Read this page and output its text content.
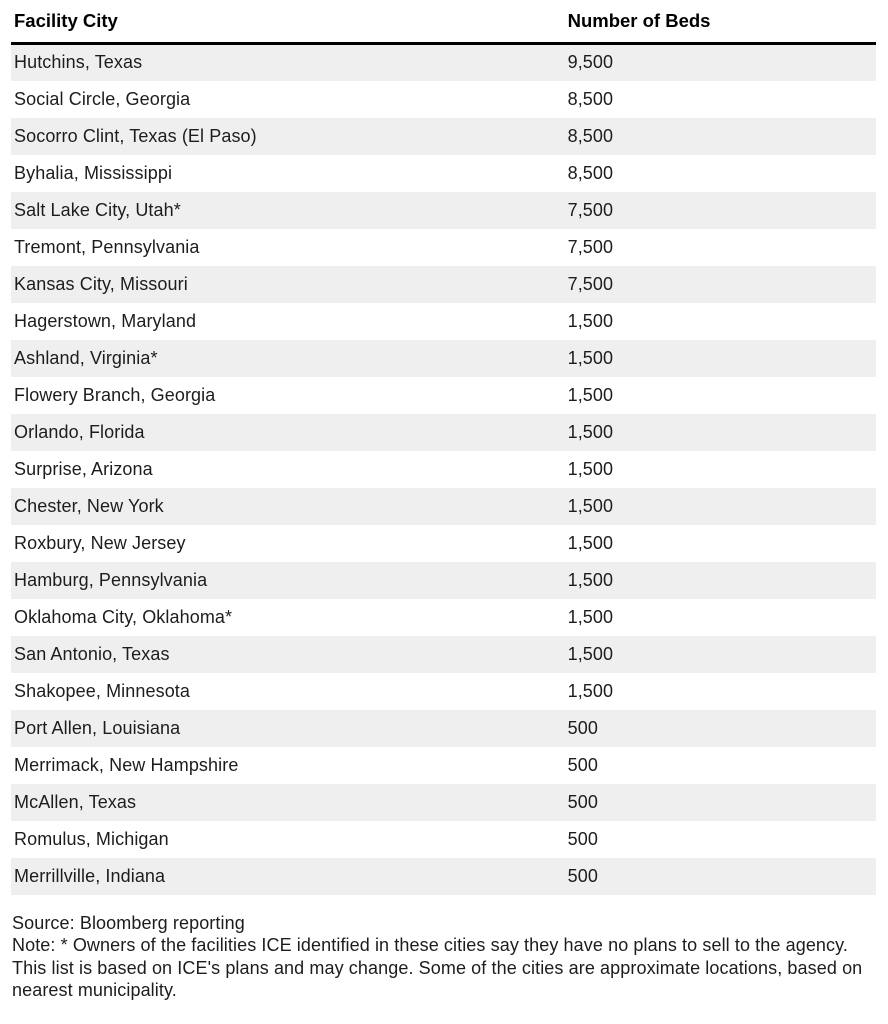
Facility City	Number of Beds
Hutchins, Texas	9,500
Social Circle, Georgia	8,500
Socorro Clint, Texas (El Paso)	8,500
Byhalia, Mississippi	8,500
Salt Lake City, Utah*	7,500
Tremont, Pennsylvania	7,500
Kansas City, Missouri	7,500
Hagerstown, Maryland	1,500
Ashland, Virginia*	1,500
Flowery Branch, Georgia	1,500
Orlando, Florida	1,500
Surprise, Arizona	1,500
Chester, New York	1,500
Roxbury, New Jersey	1,500
Hamburg, Pennsylvania	1,500
Oklahoma City, Oklahoma*	1,500
San Antonio, Texas	1,500
Shakopee, Minnesota	1,500
Port Allen, Louisiana	500
Merrimack, New Hampshire	500
McAllen, Texas	500
Romulus, Michigan	500
Merrillville, Indiana	500
Source: Bloomberg reporting
Note: * Owners of the facilities ICE identified in these cities say they have no plans to sell to the agency. This list is based on ICE's plans and may change. Some of the cities are approximate locations, based on nearest municipality.
